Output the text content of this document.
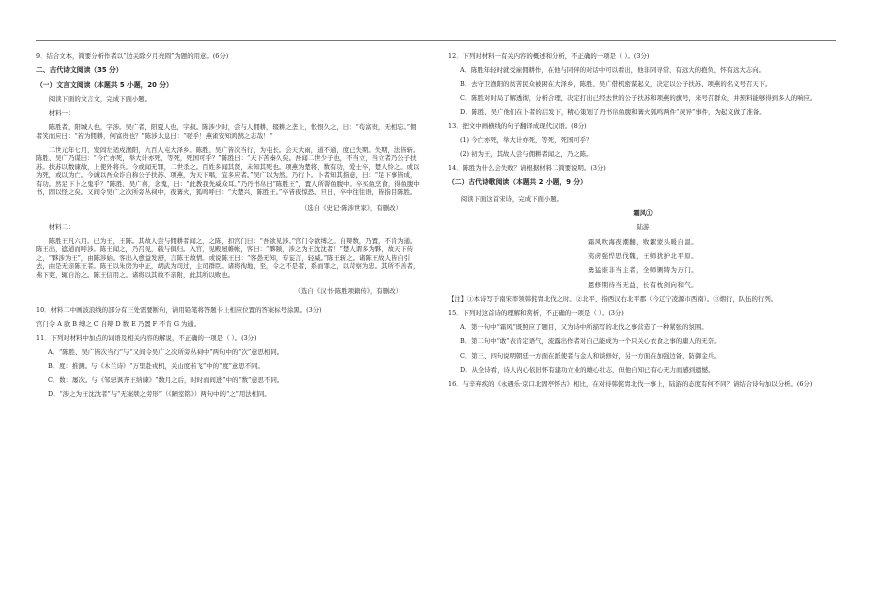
9．结合文本，简要分析作者以“边关除夕月亮圆”为题的用意。(6分)

二、古代诗文阅读（35 分）

（一）文言文阅读（本题共 5 小题，20 分）

阅读下面的文言文，完成下面小题。

材料一：

陈胜者，阳城人也，字涉。吴广者，阳夏人也，字叔。陈涉少时，尝与人佣耕，辍耕之垄上，怅恨久之，曰：“苟富贵，无相忘。”佣者笑而应曰：“若为佣耕，何富贵也？”陈涉太息曰：“嗟乎！燕雀安知鸿鹄之志哉！”

二世元年七月，发闾左适戍渔阳，九百人屯大泽乡。陈胜、吴广皆次当行，为屯长。会天大雨，道不通，度已失期。失期，法皆斩。陈胜、吴广乃谋曰：“今亡亦死，举大计亦死，等死，死国可乎？”陈胜曰：“天下苦秦久矣。吾闻二世少子也，不当立，当立者乃公子扶苏。扶苏以数谏故，上使外将兵。今或闻无罪，二世杀之。百姓多闻其贤，未知其死也。项燕为楚将，数有功，爱士卒，楚人怜之。或以为死，或以为亡。今诚以吾众诈自称公子扶苏、项燕，为天下唱，宜多应者。”吴广以为然。乃行卜。卜者知其指意，曰：“足下事皆成，有功。然足下卜之鬼乎？”陈胜、吴广喜，念鬼，曰：“此教我先威众耳。”乃丹书帛曰“陈胜王”，置人所罾鱼腹中。卒买鱼烹食，得鱼腹中书，固以怪之矣。又间令吴广之次所旁丛祠中，夜篝火，狐鸣呼曰：“大楚兴，陈胜王。”卒皆夜惊恐。旦日，卒中往往语，皆指目陈胜。

（选自《史记·陈涉世家》，有删改）

材料二：

陈胜王凡六月。已为王，王陈。其故人尝与佣耕者闻之，之陈，扣宫门曰：“吾欲见涉。”宫门令欲缚之。自辩数，乃置，不肯为通。陈王出，遮道而呼涉。陈王闻之，乃召见，载与俱归。入宫，见殿屋帷帐，客曰：“夥颐，涉之为王沈沈者！”楚人谓多为夥，故天下传之，“夥涉为王”，由陈涉始。客出入愈益发舒，言陈王故情。或说陈王曰：“客愚无知，专妄言，轻威。”陈王斩之。诸陈王故人皆自引去，由是无亲陈王者。陈王以朱房为中正，胡武为司过，主司群臣。诸将徇地，至，令之不是者，系而罪之，以苛察为忠。其所不善者，弗下吏，辄自治之。陈王信用之。诸将以其故不亲附，此其所以败也。

（选自《汉书·陈胜项籍传》，有删改）

10．材料二中画波浪线的部分有三处需要断句，请用铅笔将答题卡上相应位置的答案标号涂黑。(3分)

宫门令 A 欲 B 缚之 C 自辩 D 数 E 乃置 F 不肯 G 为通。

11．下列对材料中加点的词语及相关内容的解说，不正确的一项是（ ）。(3分)

A．“陈胜、吴广皆次当行”与“又间令吴广之次所旁丛祠中”两句中的“次”意思相同。

B．度：推测。与《木兰诗》“万里赴戎机，关山度若飞”中的“度”意思不同。

C．数：屡次。与《邹忌讽齐王纳谏》“数月之后，时时而间进”中的“数”意思不同。

D．“涉之为王沈沈者”与“无案牍之劳形”（《陋室铭》）两句中的“之”用法相同。

12．下列对材料一有关内容的概述和分析，不正确的一项是（ ）。(3分)

A．陈胜年轻时就受雇佣耕作，在他与同伴的对话中可以看出，他非同寻常，有远大的抱负，怀有远大志向。

B．去守卫渔阳的贫苦民众被困在大泽乡，陈胜、吴广借机密谋起义，决定以公子扶苏、项燕的名义号召天下。

C．陈胜对时局了解透彻，分析合理，决定打出已经去世的公子扶苏和项燕的旗号，来号召群众，并预料能够得到多人的响应。

D．陈胜、吴广他们在卜者的启发下，精心策划了丹书帛鱼腹和篝火狐鸣两件“灵异”事件，为起义做了准备。

13．把文中画横线的句子翻译成现代汉语。(8分)

(1) 今亡亦死，举大计亦死，等死，死国可乎？

(2) 初为王，其故人尝与佣耕者闻之，乃之陈。

14．陈胜为什么会失败？请根据材料二简要说明。(3分)

（二）古代诗歌阅读（本题共 2 小题，9 分）

阅读下面这首宋诗，完成下面小题。

霜风①

陆游

霜风吹海夜潮翻，败絮蒙头暖自温。

夷虏强悍思伐魏，王师犹护北平原。

勇猛谁非当主者，全师铡铸为万门。

恩修期待当无益，长有枕剑向和气。

【注】①本诗写于南宋率领韩侂胄北伐之时。②北平，指西汉右北平郡（今辽宁凌源市西南）。③烟行，队伍的行列。

15．下列对这首诗的理解和赏析，不正确的一项是（ ）。(3分)

A．第一句中“霜风”既照应了题目，又为诗中所描写的北伐之事营造了一种紧张的氛围。

B．第二句中“敢”表肯定语气，流露出作者对自己能成为一个只关心衣食之事的庸人的无奈。

C．第三、四句说明朝廷一方面在派使者与金人和谈修好，另一方面在加强边备，防御金兵。

D．从全诗看，诗人内心依旧怀有建功立业的雄心壮志，但他自知已有心无力而感到遗憾。

16．与辛弃疾的《永遇乐·京口北固亭怀古》相比，在对待韩侂胄北伐一事上，陆游的态度有何不同？请结合诗句加以分析。(6分)
